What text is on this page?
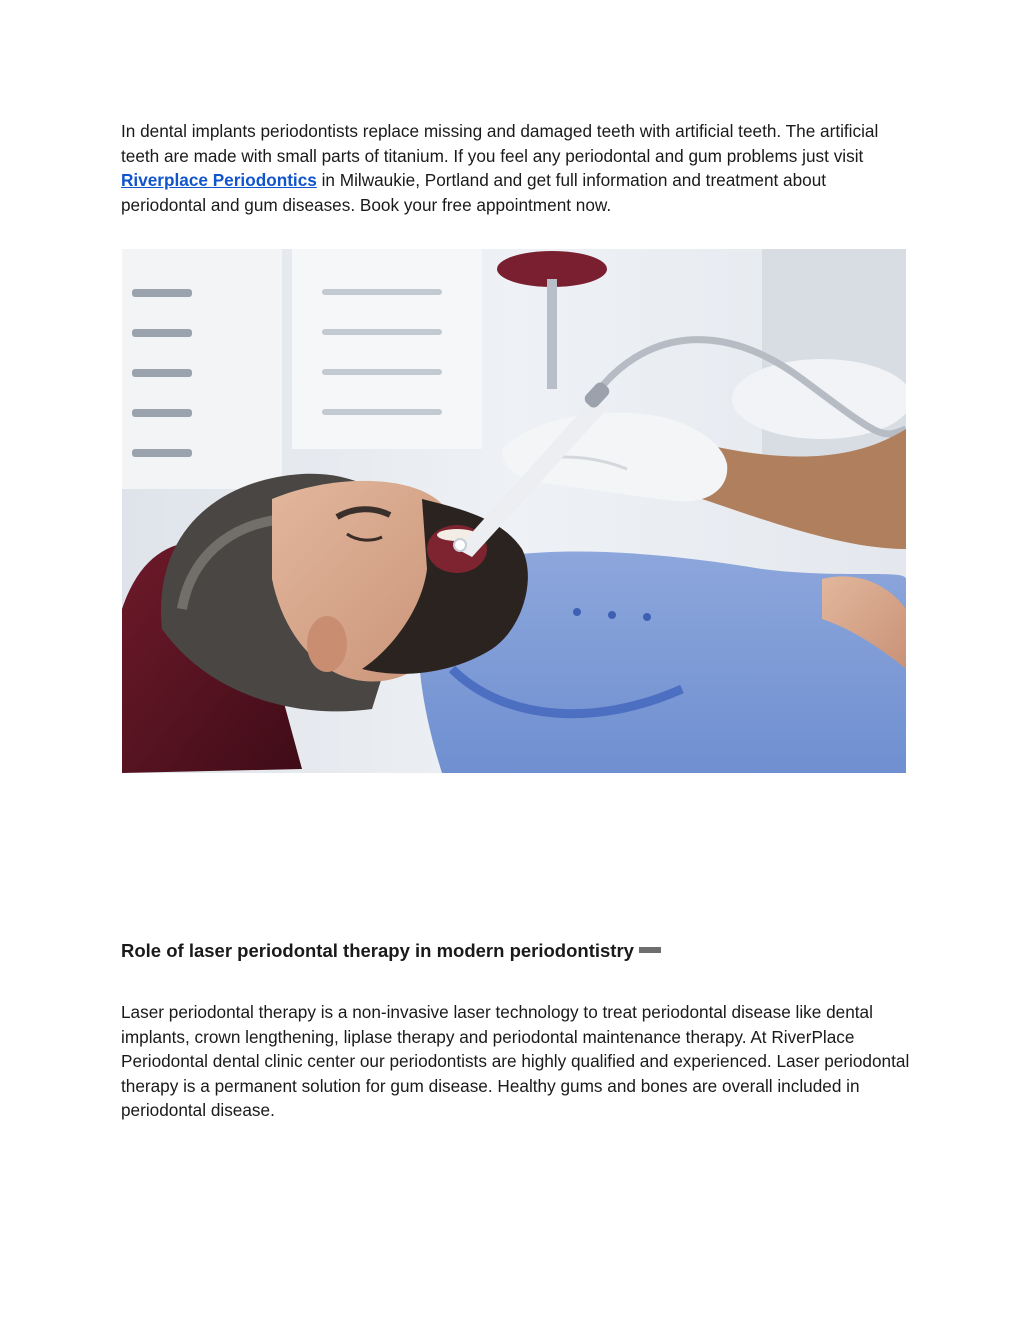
In dental implants periodontists replace missing and damaged teeth with artificial teeth. The artificial teeth are made with small parts of titanium. If you feel any periodontal and gum problems just visit Riverplace Periodontics in Milwaukie, Portland and get full information and treatment about periodontal and gum diseases. Book your free appointment now.

Role of laser periodontal therapy in modern periodontistry

Laser periodontal therapy is a non-invasive laser technology to treat periodontal disease like dental implants, crown lengthening, liplase therapy and periodontal maintenance therapy. At RiverPlace Periodontal dental clinic center our periodontists are highly qualified and experienced. Laser periodontal therapy is a permanent solution for gum disease. Healthy gums and bones are overall included in periodontal disease.
